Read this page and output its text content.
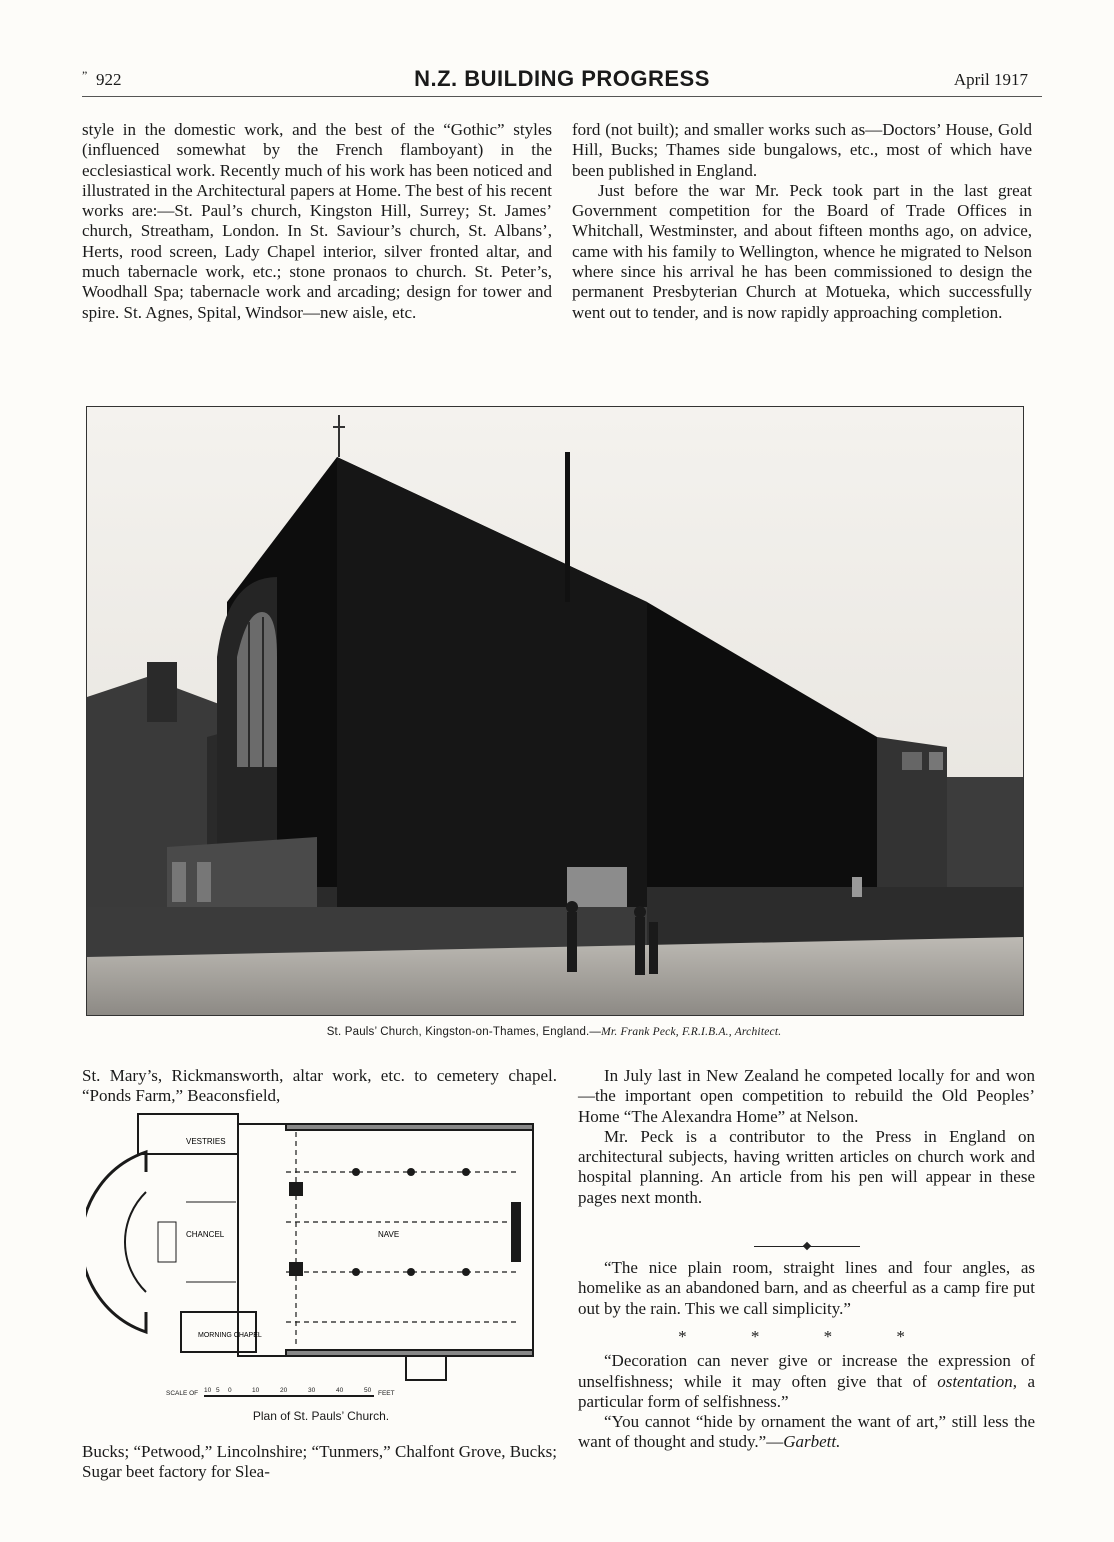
” 922	N.Z. BUILDING PROGRESS	April 1917

style in the domestic work, and the best of the “Gothic” styles (influenced somewhat by the French flamboyant) in the ecclesiastical work. Recently much of his work has been noticed and illustrated in the Architectural papers at Home. The best of his recent works are:—St. Paul’s church, Kingston Hill, Surrey; St. James’ church, Streatham, London. In St. Saviour’s church, St. Albans’, Herts, rood screen, Lady Chapel interior, silver fronted altar, and much tabernacle work, etc.; stone pronaos to church. St. Peter’s, Woodhall Spa; tabernacle work and arcading; design for tower and spire. St. Agnes, Spital, Windsor—new aisle, etc.

ford (not built); and smaller works such as—Doctors’ House, Gold Hill, Bucks; Thames side bungalows, etc., most of which have been published in England.

Just before the war Mr. Peck took part in the last great Government competition for the Board of Trade Offices in Whitchall, Westminster, and about fifteen months ago, on advice, came with his family to Wellington, whence he migrated to Nelson where since his arrival he has been commissioned to design the permanent Presbyterian Church at Motueka, which successfully went out to tender, and is now rapidly approaching completion.

St. Pauls’ Church, Kingston-on-Thames, England.—Mr. Frank Peck, F.R.I.B.A., Architect.

St. Mary’s, Rickmansworth, altar work, etc. to cemetery chapel. “Ponds Farm,” Beaconsfield,

VESTRIES
CHANCEL	NAVE
MORNING CHAPEL
SCALE OF 10 5 0	10	20	30	40	50 FEET
Plan of St. Pauls’ Church.

Bucks; “Petwood,” Lincolnshire; “Tunmers,” Chalfont Grove, Bucks; Sugar beet factory for Slea-

In July last in New Zealand he competed locally for and won—the important open competition to rebuild the Old Peoples’ Home “The Alexandra Home” at Nelson.

Mr. Peck is a contributor to the Press in England on architectural subjects, having written articles on church work and hospital planning. An article from his pen will appear in these pages next month.

“The nice plain room, straight lines and four angles, as homelike as an abandoned barn, and as cheerful as a camp fire put out by the rain. This we call simplicity.”

* * * *

“Decoration can never give or increase the expression of unselfishness; while it may often give that of ostentation, a particular form of selfishness.”

“You cannot “hide by ornament the want of art,” still less the want of thought and study.”—Garbett.
